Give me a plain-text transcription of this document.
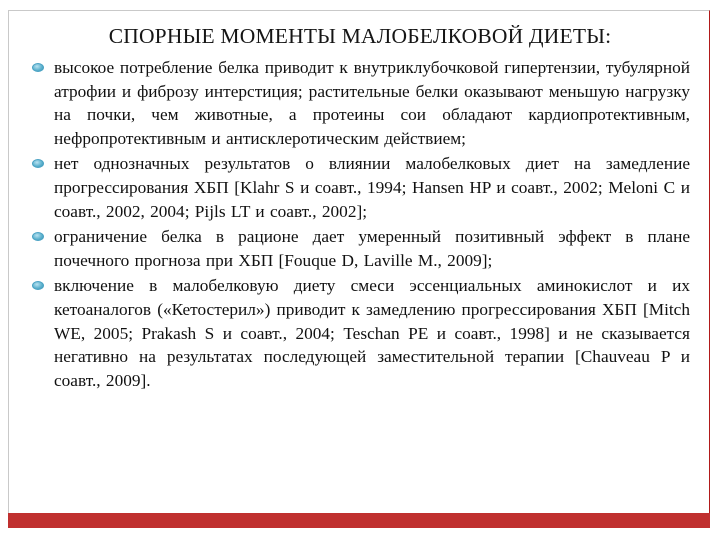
СПОРНЫЕ МОМЕНТЫ МАЛОБЕЛКОВОЙ ДИЕТЫ:
высокое потребление белка приводит к внутриклубочковой гипертензии, тубулярной атрофии и фиброзу интерстиция; растительные белки оказывают меньшую нагрузку на почки, чем животные, а протеины сои обладают кардиопротективным, нефропротективным и антисклеротическим действием;
нет однозначных результатов о влиянии малобелковых диет на замедление прогрессирования ХБП [Klahr S и соавт., 1994; Hansen HP и соавт., 2002; Meloni C и соавт., 2002, 2004; Pijls LT и соавт., 2002];
ограничение белка в рационе дает умеренный позитивный эффект в плане почечного прогноза при ХБП [Fouque D, Laville M., 2009];
включение в малобелковую диету смеси эссенциальных аминокислот и их кетоаналогов («Кетостерил») приводит к замедлению прогрессирования ХБП [Mitch WE, 2005; Prakash S и соавт., 2004; Teschan PE и соавт., 1998] и не сказывается негативно на результатах последующей заместительной терапии [Chauveau P и соавт., 2009].
